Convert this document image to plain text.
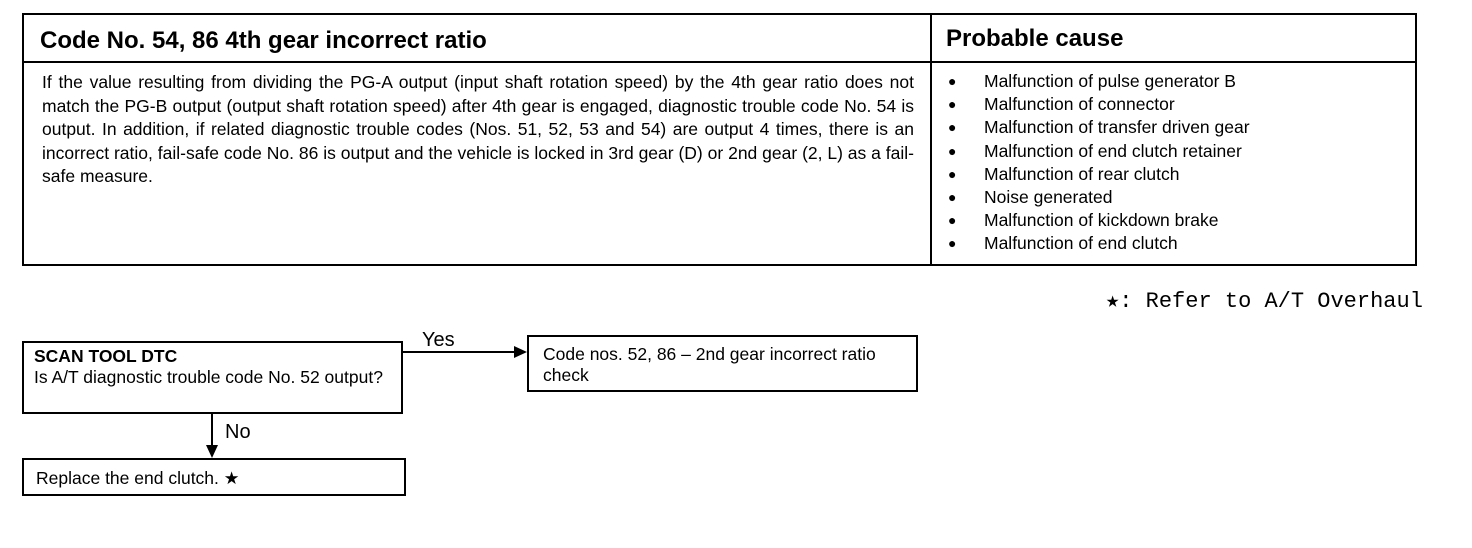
Code No. 54, 86 4th gear incorrect ratio	Probable cause
If the value resulting from dividing the PG-A output (input shaft rotation speed) by the 4th gear ratio does not match the PG-B output (output shaft rotation speed) after 4th gear is engaged, diagnostic trouble code No. 54 is output. In addition, if related diagnostic trouble codes (Nos. 51, 52, 53 and 54) are output 4 times, there is an incorrect ratio, fail-safe code No. 86 is output and the vehicle is locked in 3rd gear (D) or 2nd gear (2, L) as a fail-safe measure.
●	Malfunction of pulse generator B
●	Malfunction of connector
●	Malfunction of transfer driven gear
●	Malfunction of end clutch retainer
●	Malfunction of rear clutch
●	Noise generated
●	Malfunction of kickdown brake
●	Malfunction of end clutch
★: Refer to A/T Overhaul
Yes
No
SCAN TOOL DTC
Is A/T diagnostic trouble code No. 52 output?
Code nos. 52, 86 – 2nd gear incorrect ratio check
Replace the end clutch. ★
